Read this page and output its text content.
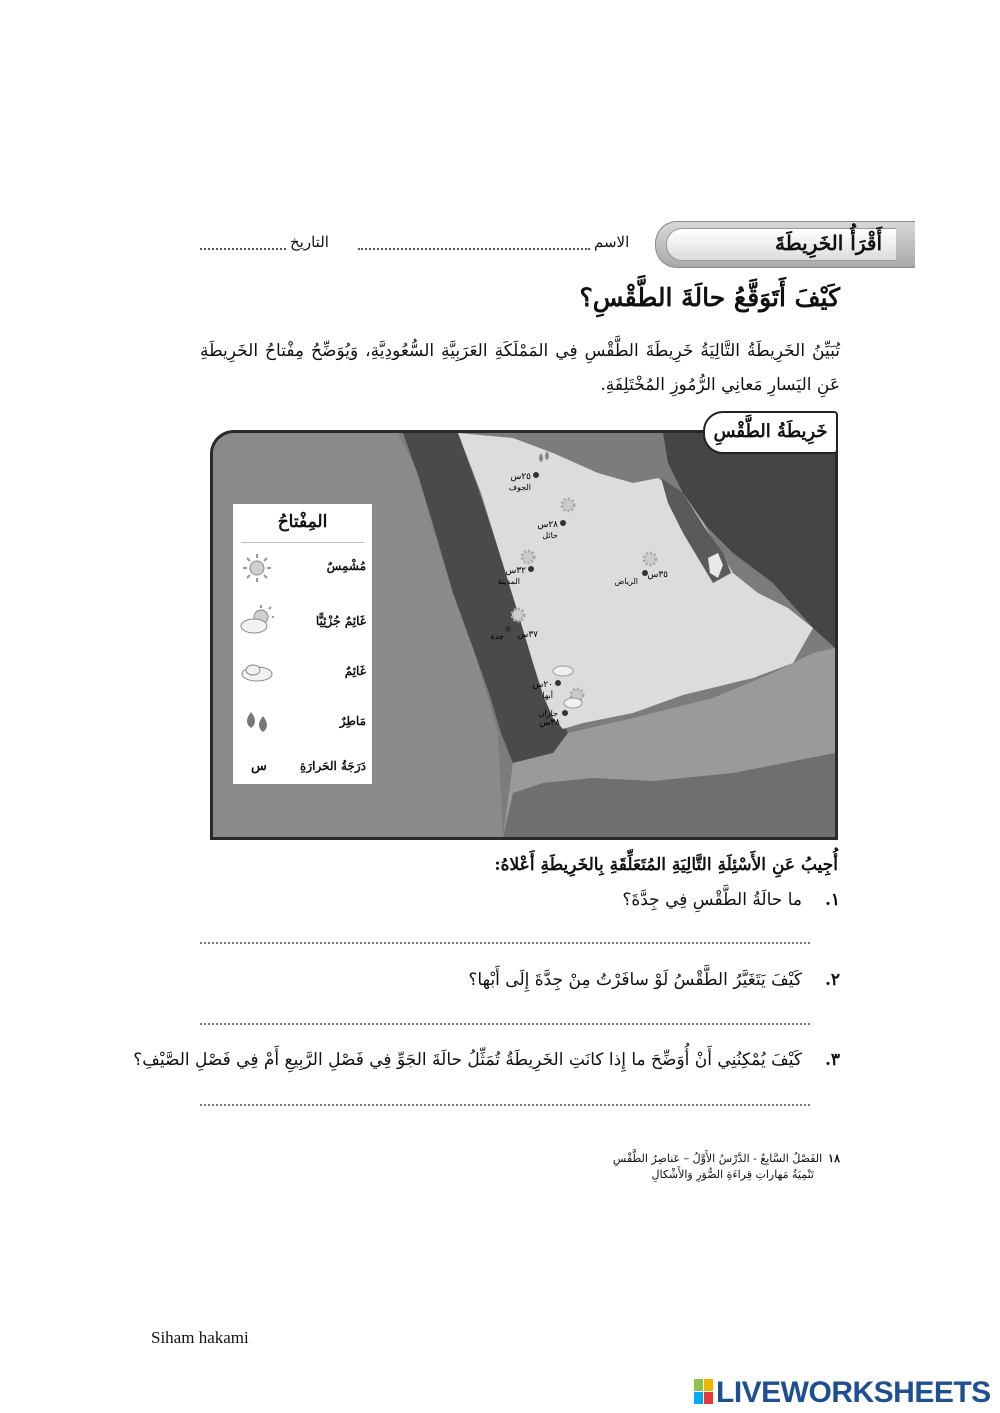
أَقْرَأُ الخَرِيطَةَ
الاسم
التاريخ
كَيْفَ أَتَوَقَّعُ حالَةَ الطَّقْسِ؟
تُبَيِّنُ الخَرِيطَةُ التَّالِيَةُ خَرِيطَةَ الطَّقْسِ فِي المَمْلَكَةِ العَرَبِيَّةِ السُّعُودِيَّةِ، وَيُوَضِّحُ مِفْتاحُ الخَرِيطَةِ عَنِ اليَسارِ مَعانِي الرُّمُوزِ المُخْتَلِفَةِ.
٢٥س
الجوف
٢٨س
حائل
٣٢س
المدينة
٣٥س
الرياض
٣٧س
جدة
٢٠س
أبها
٣٨س
جازان
خَرِيطَةُ الطَّقْسِ
المِفْتاحُ
مُشْمِسٌ
غَائِمٌ جُزْئِيًّا
غَائِمٌ
مَاطِرٌ
س	دَرَجَةُ الحَرارَةِ
أُجِيبُ عَنِ الأَسْئِلَةِ التَّالِيَةِ المُتَعَلِّقَةِ بِالخَرِيطَةِ أَعْلاهُ:
١.ما حالَةُ الطَّقْسِ فِي جِدَّةَ؟
٢.كَيْفَ يَتَغَيَّرُ الطَّقْسُ لَوْ سافَرْتُ مِنْ جِدَّةَ إِلَى أَبْها؟
٣.كَيْفَ يُمْكِنُنِي أَنْ أُوَضِّحَ ما إِذا كانَتِ الخَرِيطَةُ تُمَثِّلُ حالَةَ الجَوِّ فِي فَصْلِ الرَّبِيعِ أَمْ فِي فَصْلِ الصَّيْفِ؟
١٨الفَصْلُ السَّابِعُ - الدَّرْسُ الأَوَّلُ – عَناصِرُ الطَّقْسِ
تَنْمِيَةُ مَهاراتِ قِراءَةِ الصُّوَرِ وَالأَشْكالِ
Siham hakami
LIVEWORKSHEETS
